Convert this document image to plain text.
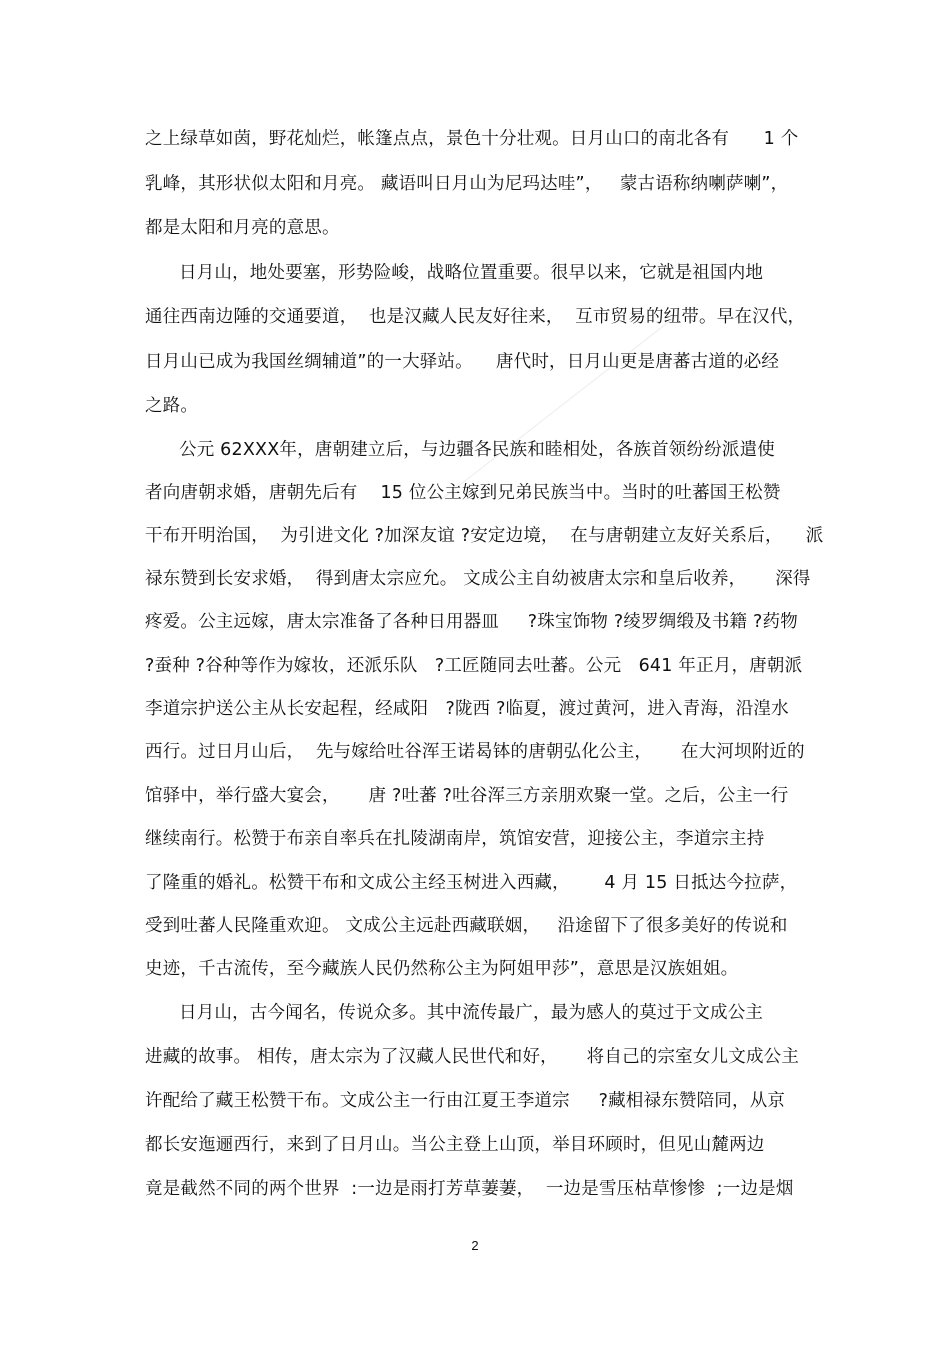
之上绿草如茵，野花灿烂，帐篷点点，景色十分壮观。日月山口的南北各有      1 个
乳峰，其形状似太阳和月亮。 藏语叫日月山为尼玛达哇”，   蒙古语称纳喇萨喇”，
都是太阳和月亮的意思。
日月山，地处要塞，形势险峻，战略位置重要。很早以来，它就是祖国内地
通往西南边陲的交通要道，  也是汉藏人民友好往来，  互市贸易的纽带。早在汉代，
日月山已成为我国丝绸辅道”的一大驿站。    唐代时，日月山更是唐蕃古道的必经
之路。
公元 62XXX年，唐朝建立后，与边疆各民族和睦相处，各族首领纷纷派遣使
者向唐朝求婚，唐朝先后有    15 位公主嫁到兄弟民族当中。当时的吐蕃国王松赞
干布开明治国，  为引进文化 ?加深友谊 ?安定边境，  在与唐朝建立友好关系后，    派
禄东赞到长安求婚，  得到唐太宗应允。 文成公主自幼被唐太宗和皇后收养，     深得
疼爱。公主远嫁，唐太宗准备了各种日用器皿     ?珠宝饰物 ?绫罗绸缎及书籍 ?药物
?蚕种 ?谷种等作为嫁妆，还派乐队   ?工匠随同去吐蕃。公元   641 年正月，唐朝派
李道宗护送公主从长安起程，经咸阳   ?陇西 ?临夏，渡过黄河，进入青海，沿湟水
西行。过日月山后，  先与嫁给吐谷浑王诺曷钵的唐朝弘化公主，     在大河坝附近的
馆驿中，举行盛大宴会，     唐 ?吐蕃 ?吐谷浑三方亲朋欢聚一堂。之后，公主一行
继续南行。松赞于布亲自率兵在扎陵湖南岸，筑馆安营，迎接公主，李道宗主持
了隆重的婚礼。松赞干布和文成公主经玉树进入西藏，      4 月 15 日抵达今拉萨，
受到吐蕃人民隆重欢迎。 文成公主远赴西藏联姻，   沿途留下了很多美好的传说和
史迹，千古流传，至今藏族人民仍然称公主为阿姐甲莎”，意思是汉族姐姐。
日月山，古今闻名，传说众多。其中流传最广，最为感人的莫过于文成公主
进藏的故事。 相传，唐太宗为了汉藏人民世代和好，     将自己的宗室女儿文成公主
许配给了藏王松赞干布。文成公主一行由江夏王李道宗     ?藏相禄东赞陪同，从京
都长安迤逦西行，来到了日月山。当公主登上山顶，举目环顾时，但见山麓两边
竟是截然不同的两个世界  :一边是雨打芳草萋萋，  一边是雪压枯草惨惨  ;一边是烟
2
